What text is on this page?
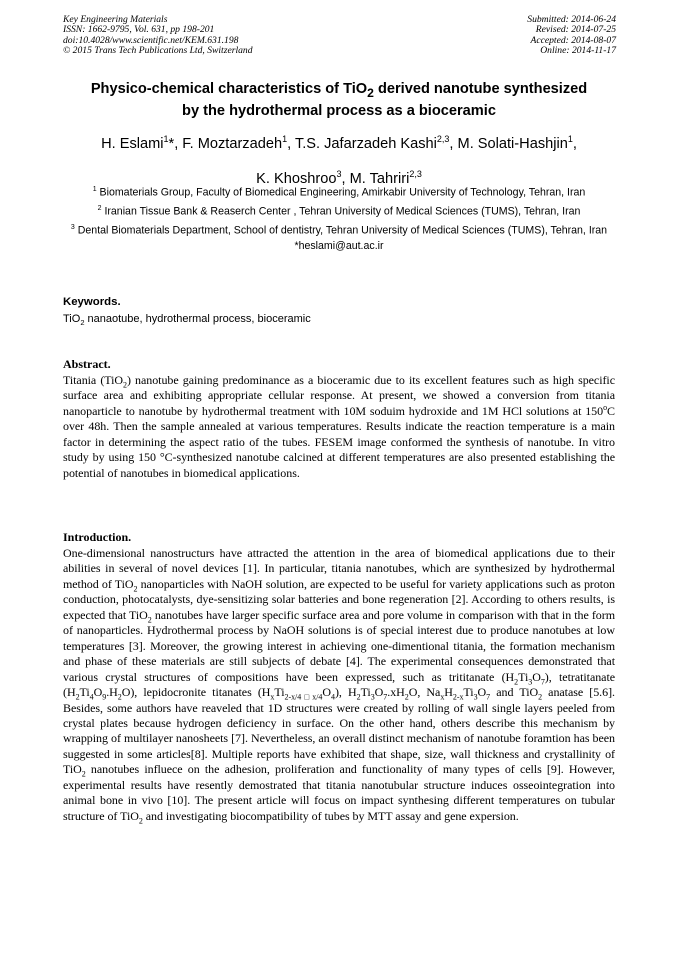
Key Engineering Materials
ISSN: 1662-9795, Vol. 631, pp 198-201
doi:10.4028/www.scientific.net/KEM.631.198
© 2015 Trans Tech Publications Ltd, Switzerland
Submitted: 2014-06-24
Revised: 2014-07-25
Accepted: 2014-08-07
Online: 2014-11-17
Physico-chemical characteristics of TiO$_2$ derived nanotube synthesized
by the hydrothermal process as a bioceramic
H. Eslami$^1$*, F. Moztarzadeh$^1$, T.S. Jafarzadeh Kashi$^{2,3}$, M. Solati-Hashjin$^1$,
K. Khoshroo$^3$, M. Tahriri$^{2,3}$
$^1$ Biomaterials Group, Faculty of Biomedical Engineering, Amirkabir University of Technology, Tehran, Iran
$^2$ Iranian Tissue Bank & Reaserch Center , Tehran University of Medical Sciences (TUMS), Tehran, Iran
$^3$ Dental Biomaterials Department, School of dentistry, Tehran University of Medical Sciences (TUMS), Tehran, Iran
*heslami@aut.ac.ir
Keywords.
TiO$_2$ nanaotube, hydrothermal process, bioceramic
Abstract.
Titania (TiO$_2$) nanotube gaining predominance as a bioceramic due to its excellent features such as high specific surface area and exhibiting appropriate cellular response. At present, we showed a conversion from titania nanoparticle to nanotube by hydrothermal treatment with 10M soduim hydroxide and 1M HCl solutions at 150$^o$C over 48h. Then the sample annealed at various temperatures. Results indicate the reaction temperature is a main factor in determining the aspect ratio of the tubes. FESEM image conformed the synthesis of nanotube. In vitro study by using 150 °C-synthesized nanotube calcined at different temperatures are also presented establishing the potential of nanotubes in biomedical applications.
Introduction.
One-dimensional nanostructurs have attracted the attention in the area of biomedical applications due to their abilities in several of novel devices [1]. In particular, titania nanotubes, which are synthesized by hydrothermal method of TiO$_2$ nanoparticles with NaOH solution, are expected to be useful for variety applications such as proton conduction, photocatalysts, dye-sensitizing solar batteries and bone regeneration [2]. According to others results, is expected that TiO$_2$ nanotubes have larger specific surface area and pore volume in comparison with that in the form of nanoparticles. Hydrothermal process by NaOH solutions is of special interest due to produce nanotubes at low temperatures [3]. Moreover, the growing interest in achieving one-dimentional titania, the formation mechanism and phase of these materials are still subjects of debate [4]. The experimental consequences demonstrated that various crystal structures of compositions have been expressed, such as trititanate $(H_2Ti_3O_7)$, tetratitanate $(H_2Ti_4O_9.H_2O)$, lepidocronite titanates $(H_xTi_{2-x/4□x/4}O_4)$, $H_2Ti_3O_7.xH_2O$, $Na_xH_{2-x}Ti_3O_7$ and TiO$_2$ anatase [5.6]. Besides, some authors have reaveled that 1D structures were created by rolling of wall single layers peeled from crystal plates because hydrogen deficiency in surface. On the other hand, others describe this mechanism by wrapping of multilayer nanosheets [7]. Nevertheless, an overall distinct mechanism of nanotube foramtion has been suggested in some articles[8]. Multiple reports have exhibited that shape, size, wall thickness and crystallinity of TiO$_2$ nanotubes influece on the adhesion, proliferation and functionality of many types of cells [9]. However, experimental results have resently demostrated that titania nanotubular structure induces osseointegration into animal bone in vivo [10]. The present article will focus on impact synthesing different temperatures on tubular structure of TiO$_2$ and investigating biocompatibility of tubes by MTT assay and gene expersion.
